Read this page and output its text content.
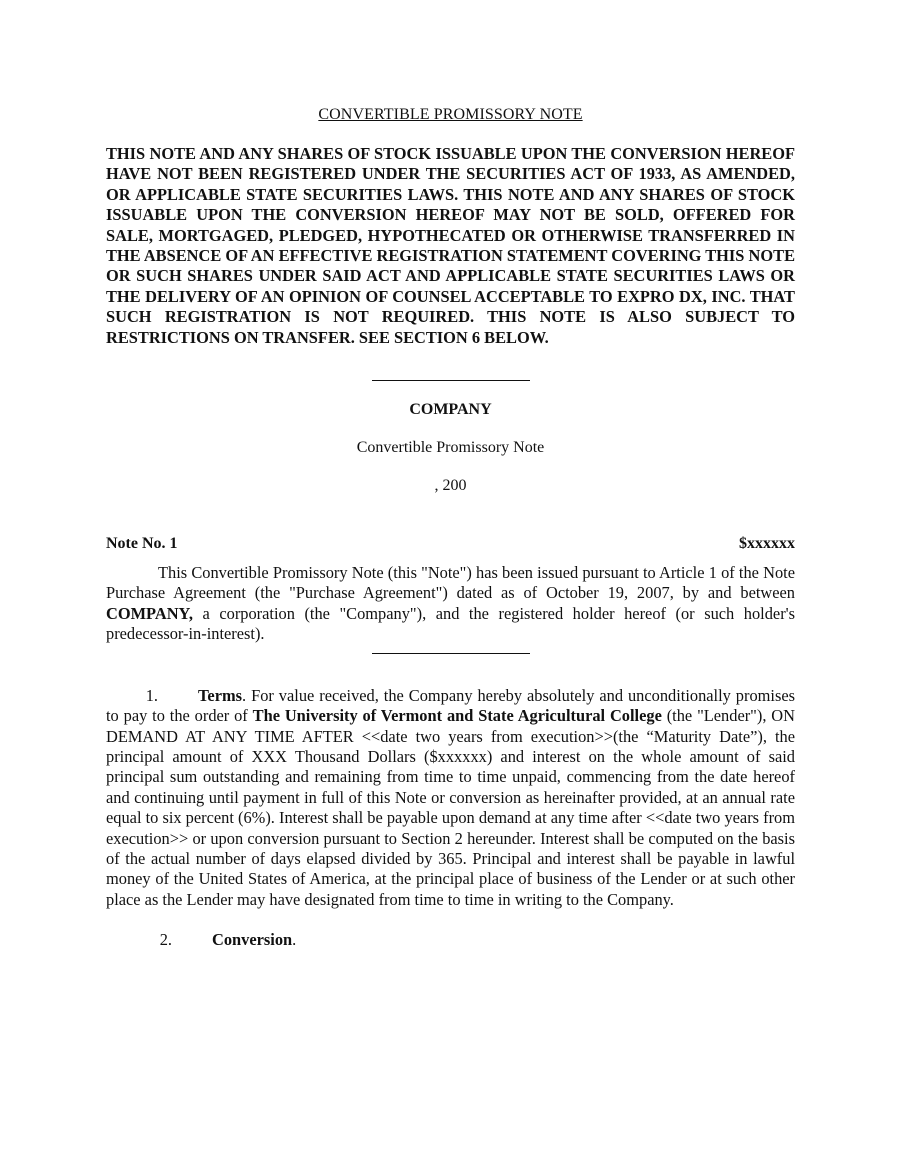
CONVERTIBLE PROMISSORY NOTE
THIS NOTE AND ANY SHARES OF STOCK ISSUABLE UPON THE CONVERSION HEREOF HAVE NOT BEEN REGISTERED UNDER THE SECURITIES ACT OF 1933, AS AMENDED, OR APPLICABLE STATE SECURITIES LAWS. THIS NOTE AND ANY SHARES OF STOCK ISSUABLE UPON THE CONVERSION HEREOF MAY NOT BE SOLD, OFFERED FOR SALE, MORTGAGED, PLEDGED, HYPOTHECATED OR OTHERWISE TRANSFERRED IN THE ABSENCE OF AN EFFECTIVE REGISTRATION STATEMENT COVERING THIS NOTE OR SUCH SHARES UNDER SAID ACT AND APPLICABLE STATE SECURITIES LAWS OR THE DELIVERY OF AN OPINION OF COUNSEL ACCEPTABLE TO EXPRO DX, INC. THAT SUCH REGISTRATION IS NOT REQUIRED. THIS NOTE IS ALSO SUBJECT TO RESTRICTIONS ON TRANSFER. SEE SECTION 6 BELOW.
COMPANY
Convertible Promissory Note
, 200
Note No. 1	$xxxxxx
This Convertible Promissory Note (this "Note") has been issued pursuant to Article 1 of the Note Purchase Agreement (the "Purchase Agreement") dated as of October 19, 2007, by and between COMPANY, a corporation (the "Company"), and the registered holder hereof (or such holder's predecessor-in-interest).
1. Terms. For value received, the Company hereby absolutely and unconditionally promises to pay to the order of The University of Vermont and State Agricultural College (the "Lender"), ON DEMAND AT ANY TIME AFTER <<date two years from execution>>(the “Maturity Date”), the principal amount of XXX Thousand Dollars ($xxxxxx) and interest on the whole amount of said principal sum outstanding and remaining from time to time unpaid, commencing from the date hereof and continuing until payment in full of this Note or conversion as hereinafter provided, at an annual rate equal to six percent (6%). Interest shall be payable upon demand at any time after <<date two years from execution>> or upon conversion pursuant to Section 2 hereunder. Interest shall be computed on the basis of the actual number of days elapsed divided by 365. Principal and interest shall be payable in lawful money of the United States of America, at the principal place of business of the Lender or at such other place as the Lender may have designated from time to time in writing to the Company.
2. Conversion.
